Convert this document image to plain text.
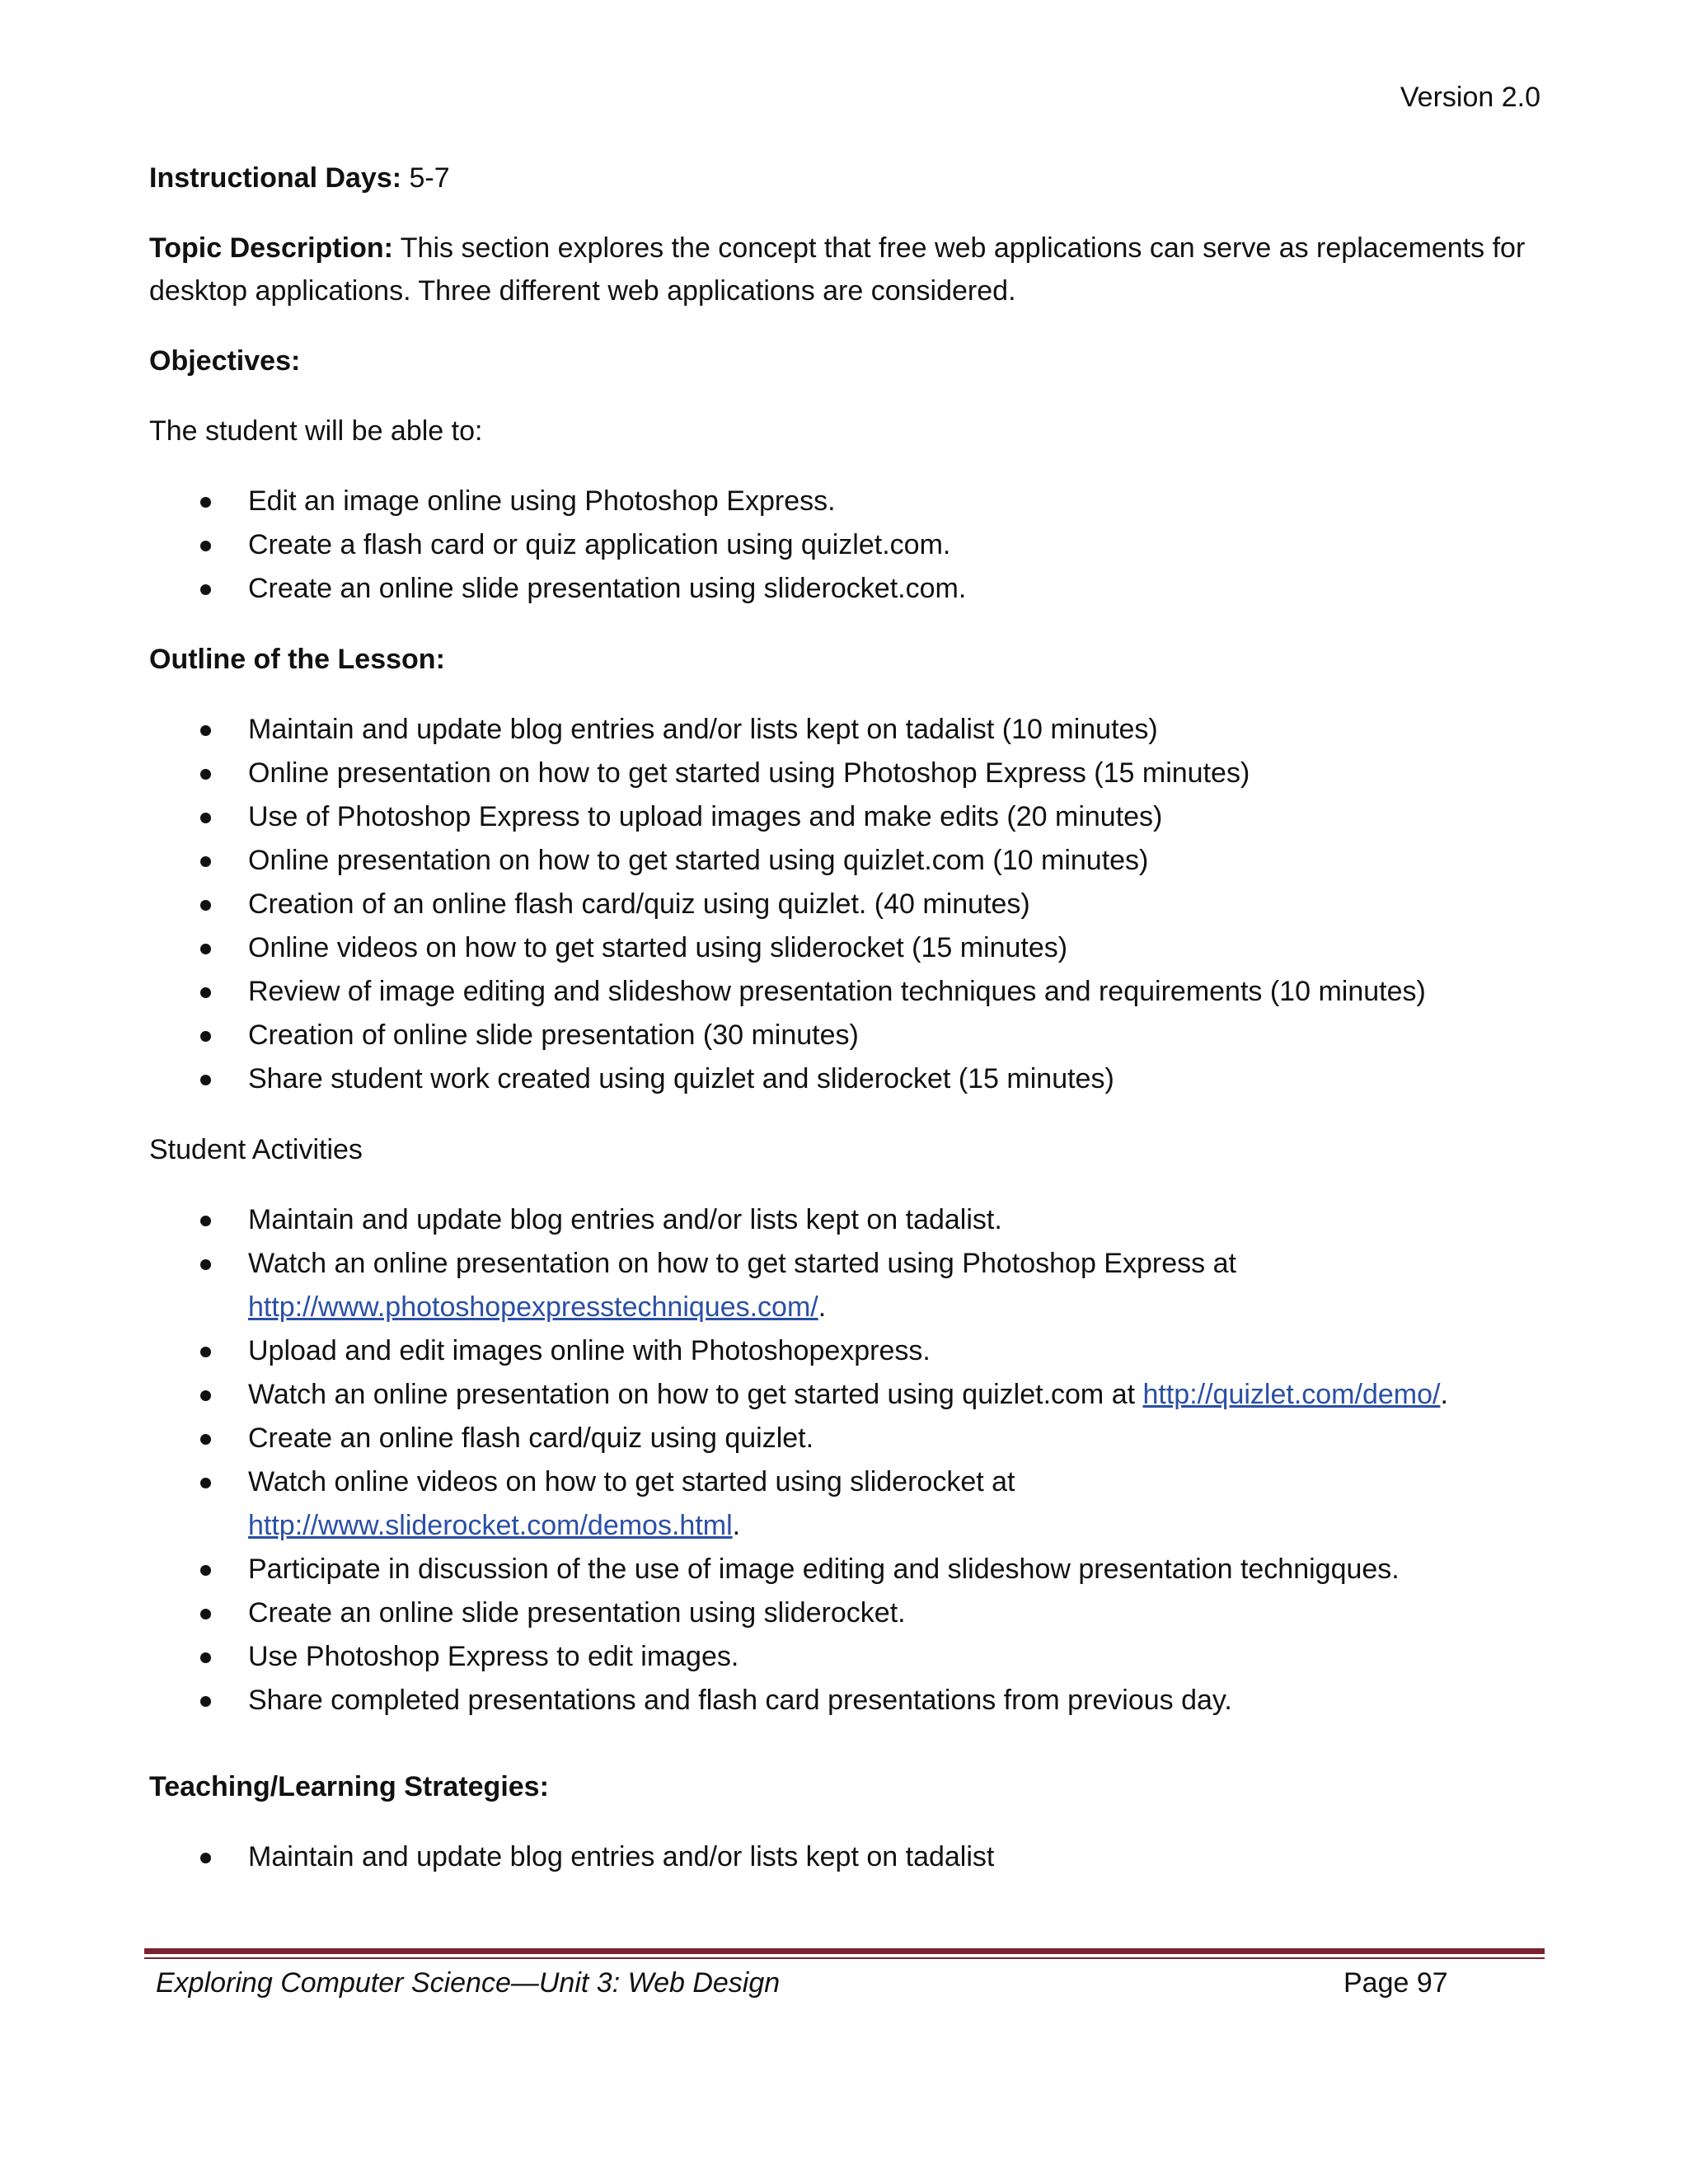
Version 2.0

Instructional Days: 5-7

Topic Description: This section explores the concept that free web applications can serve as replacements for desktop applications. Three different web applications are considered.

Objectives:
The student will be able to:
Edit an image online using Photoshop Express.
Create a flash card or quiz application using quizlet.com.
Create an online slide presentation using sliderocket.com.
Outline of the Lesson:
Maintain and update blog entries and/or lists kept on tadalist (10 minutes)
Online presentation on how to get started using Photoshop Express (15 minutes)
Use of Photoshop Express to upload images and make edits (20 minutes)
Online presentation on how to get started using quizlet.com (10 minutes)
Creation of an online flash card/quiz using quizlet. (40 minutes)
Online videos on how to get started using sliderocket (15 minutes)
Review of image editing and slideshow presentation techniques and requirements (10 minutes)
Creation of online slide presentation (30 minutes)
Share student work created using quizlet and sliderocket (15 minutes)
Student Activities
Maintain and update blog entries and/or lists kept on tadalist.
Watch an online presentation on how to get started using Photoshop Express at
http://www.photoshopexpresstechniques.com/.
Upload and edit images online with Photoshopexpress.
Watch an online presentation on how to get started using quizlet.com at http://quizlet.com/demo/.
Create an online flash card/quiz using quizlet.
Watch online videos on how to get started using sliderocket at
http://www.sliderocket.com/demos.html.
Participate in discussion of the use of image editing and slideshow presentation technigques.
Create an online slide presentation using sliderocket.
Use Photoshop Express to edit images.
Share completed presentations and flash card presentations from previous day.
Teaching/Learning Strategies:
Maintain and update blog entries and/or lists kept on tadalist
Exploring Computer Science—Unit 3: Web Design	Page 97
